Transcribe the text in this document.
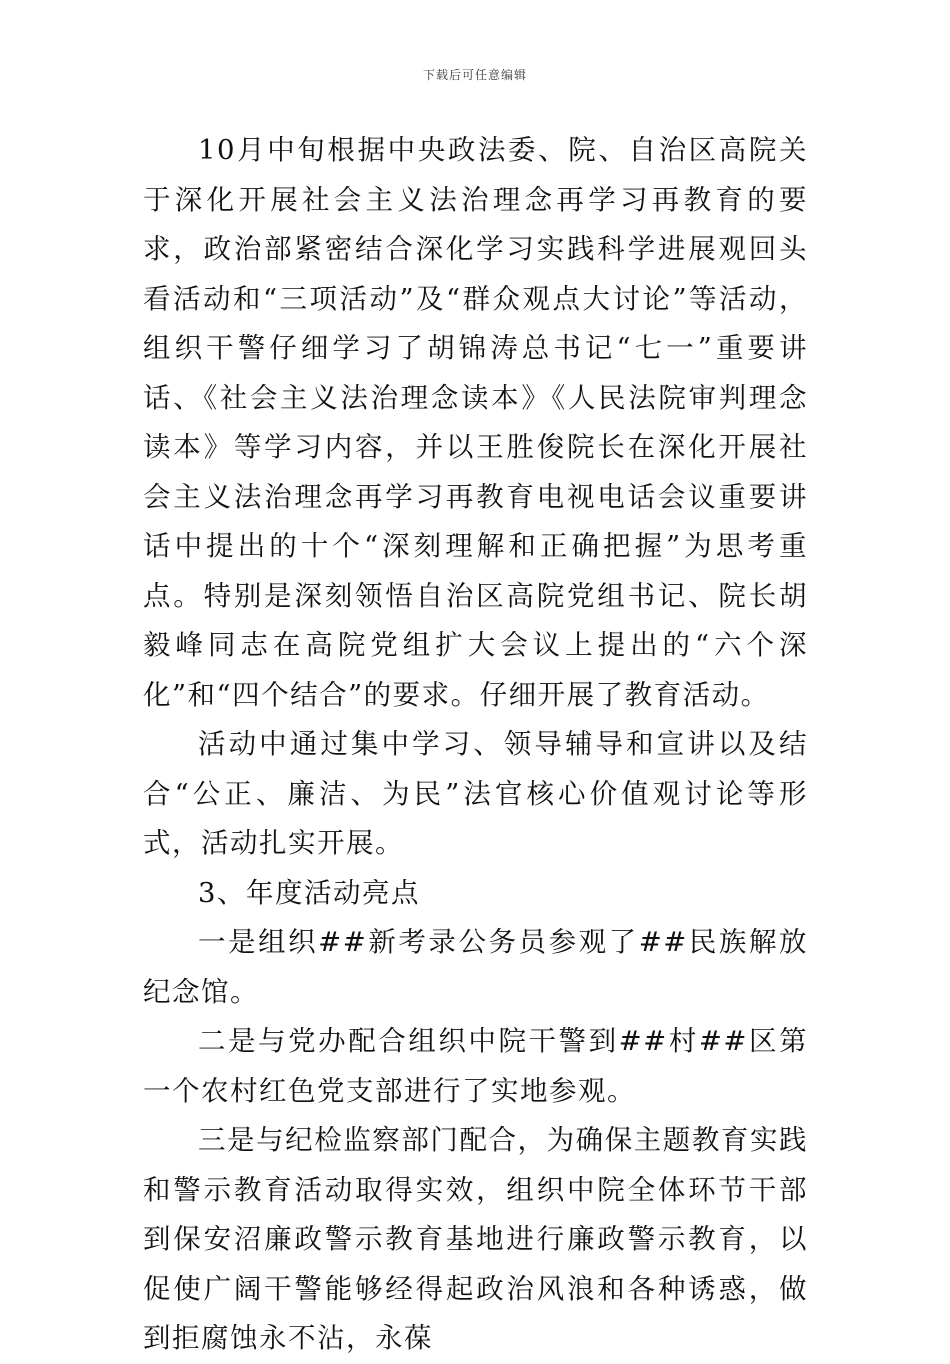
下载后可任意编辑

10月中旬根据中央政法委、院、自治区高院关于深化开展社会主义法治理念再学习再教育的要求，政治部紧密结合深化学习实践科学进展观回头看活动和“三项活动”及“群众观点大讨论”等活动，组织干警仔细学习了胡锦涛总书记“七一”重要讲话、《社会主义法治理念读本》《人民法院审判理念读本》等学习内容，并以王胜俊院长在深化开展社会主义法治理念再学习再教育电视电话会议重要讲话中提出的十个“深刻理解和正确把握”为思考重点。特别是深刻领悟自治区高院党组书记、院长胡毅峰同志在高院党组扩大会议上提出的“六个深化”和“四个结合”的要求。仔细开展了教育活动。

活动中通过集中学习、领导辅导和宣讲以及结合“公正、廉洁、为民”法官核心价值观讨论等形式，活动扎实开展。

3、年度活动亮点

一是组织##新考录公务员参观了##民族解放纪念馆。

二是与党办配合组织中院干警到##村##区第一个农村红色党支部进行了实地参观。

三是与纪检监察部门配合，为确保主题教育实践和警示教育活动取得实效，组织中院全体环节干部到保安沼廉政警示教育基地进行廉政警示教育，以促使广阔干警能够经得起政治风浪和各种诱惑，做到拒腐蚀永不沾，永葆
